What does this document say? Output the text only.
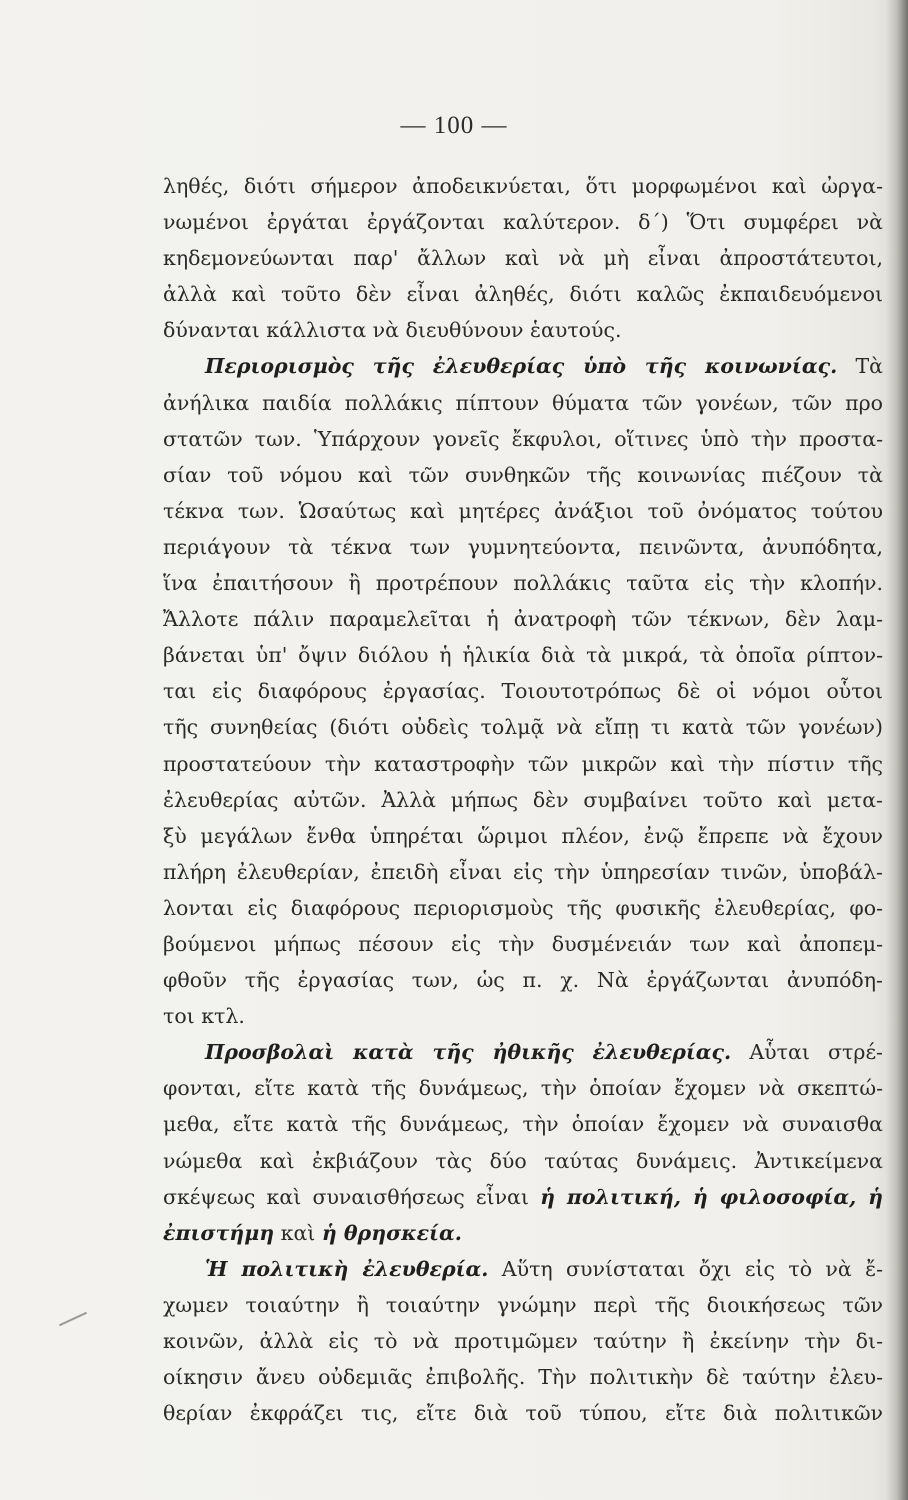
— 100 —
ληθές, διότι σήμερον ἀποδεικνύεται, ὅτι μορφωμένοι καὶ ὠργα-
νωμένοι ἐργάται ἐργάζονται καλύτερον. δ΄) Ὅτι συμφέρει νὰ
κηδεμονεύωνται παρ' ἄλλων καὶ νὰ μὴ εἶναι ἀπροστάτευτοι,
ἀλλὰ καὶ τοῦτο δὲν εἶναι ἀληθές, διότι καλῶς ἐκπαιδευόμενοι
δύνανται κάλλιστα νὰ διευθύνουν ἑαυτούς.
Περιορισμὸς τῆς ἐλευθερίας ὑπὸ τῆς κοινωνίας. Τὰ
ἀνήλικα παιδία πολλάκις πίπτουν θύματα τῶν γονέων, τῶν προ
στατῶν των. Ὑπάρχουν γονεῖς ἔκφυλοι, οἵτινες ὑπὸ τὴν προστα-
σίαν τοῦ νόμου καὶ τῶν συνθηκῶν τῆς κοινωνίας πιέζουν τὰ
τέκνα των. Ὡσαύτως καὶ μητέρες ἀνάξιοι τοῦ ὀνόματος τούτου
περιάγουν τὰ τέκνα των γυμνητεύοντα, πεινῶντα, ἀνυπόδητα,
ἵνα ἐπαιτήσουν ἢ προτρέπουν πολλάκις ταῦτα εἰς τὴν κλοπήν.
Ἄλλοτε πάλιν παραμελεῖται ἡ ἀνατροφὴ τῶν τέκνων, δὲν λαμ-
βάνεται ὑπ' ὄψιν διόλου ἡ ἡλικία διὰ τὰ μικρά, τὰ ὁποῖα ρίπτον-
ται εἰς διαφόρους ἐργασίας. Τοιουτοτρόπως δὲ οἱ νόμοι οὗτοι
τῆς συνηθείας (διότι οὐδεὶς τολμᾷ νὰ εἴπῃ τι κατὰ τῶν γονέων)
προστατεύουν τὴν καταστροφὴν τῶν μικρῶν καὶ τὴν πίστιν τῆς
ἐλευθερίας αὐτῶν. Ἀλλὰ μήπως δὲν συμβαίνει τοῦτο καὶ μετα-
ξὺ μεγάλων ἔνθα ὑπηρέται ὥριμοι πλέον, ἐνῷ ἔπρεπε νὰ ἔχουν
πλήρη ἐλευθερίαν, ἐπειδὴ εἶναι εἰς τὴν ὑπηρεσίαν τινῶν, ὑποβάλ-
λονται εἰς διαφόρους περιορισμοὺς τῆς φυσικῆς ἐλευθερίας, φο-
βούμενοι μήπως πέσουν εἰς τὴν δυσμένειάν των καὶ ἀποπεμ-
φθοῦν τῆς ἐργασίας των, ὡς π. χ. Νὰ ἐργάζωνται ἀνυπόδη-
τοι κτλ.
Προσβολαὶ κατὰ τῆς ἠθικῆς ἐλευθερίας. Αὗται στρέ-
φονται, εἴτε κατὰ τῆς δυνάμεως, τὴν ὁποίαν ἔχομεν νὰ σκεπτώ-
μεθα, εἴτε κατὰ τῆς δυνάμεως, τὴν ὁποίαν ἔχομεν νὰ συναισθα
νώμεθα καὶ ἐκβιάζουν τὰς δύο ταύτας δυνάμεις. Ἀντικείμενα
σκέψεως καὶ συναισθήσεως εἶναι ἡ πολιτική, ἡ φιλοσοφία, ἡ
ἐπιστήμη καὶ ἡ θρησκεία.
Ἡ πολιτικὴ ἐλευθερία. Αὕτη συνίσταται ὄχι εἰς τὸ νὰ ἔ-
χωμεν τοιαύτην ἢ τοιαύτην γνώμην περὶ τῆς διοικήσεως τῶν
κοινῶν, ἀλλὰ εἰς τὸ νὰ προτιμῶμεν ταύτην ἢ ἐκείνην τὴν δι-
οίκησιν ἄνευ οὐδεμιᾶς ἐπιβολῆς. Τὴν πολιτικὴν δὲ ταύτην ἐλευ-
θερίαν ἐκφράζει τις, εἴτε διὰ τοῦ τύπου, εἴτε διὰ πολιτικῶν
